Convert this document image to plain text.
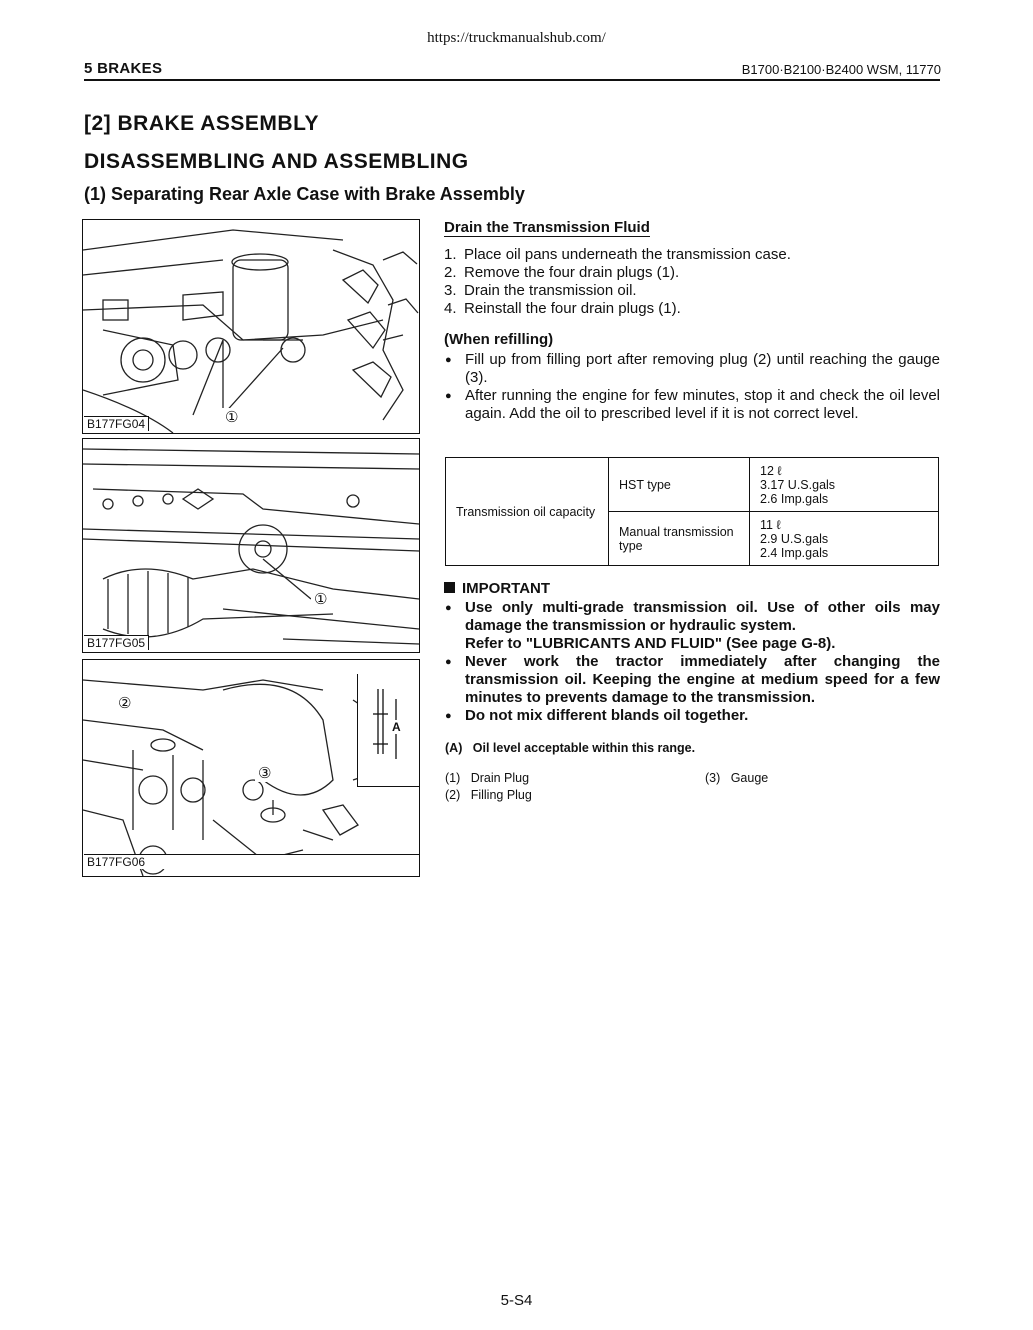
https://truckmanualshub.com/
5 BRAKES	B1700·B2100·B2400 WSM, 11770
[2] BRAKE ASSEMBLY
DISASSEMBLING AND ASSEMBLING
(1) Separating Rear Axle Case with Brake Assembly
①
B177FG04
①
B177FG05
A
②
③
B177FG06
Drain the Transmission Fluid
1. Place oil pans underneath the transmission case.
2. Remove the four drain plugs (1).
3. Drain the transmission oil.
4. Reinstall the four drain plugs (1).
(When refilling)
● Fill up from filling port after removing plug (2) until reaching the gauge (3).
● After running the engine for few minutes, stop it and check the oil level again. Add the oil to prescribed level if it is not correct level.
Transmission oil capacity	HST type	12 ℓ
3.17 U.S.gals
2.6 Imp.gals

	Manual transmission type	11 ℓ
2.9 U.S.gals
2.4 Imp.gals
IMPORTANT
● Use only multi-grade transmission oil. Use of other oils may damage the transmission or hydraulic system.
Refer to "LUBRICANTS AND FLUID" (See page G-8).
● Never work the tractor immediately after changing the transmission oil. Keeping the engine at medium speed for a few minutes to prevents damage to the transmission.
● Do not mix different blands oil together.
(A)   Oil level acceptable within this range.
(1)   Drain Plug
(2)   Filling Plug
(3)   Gauge
5-S4
